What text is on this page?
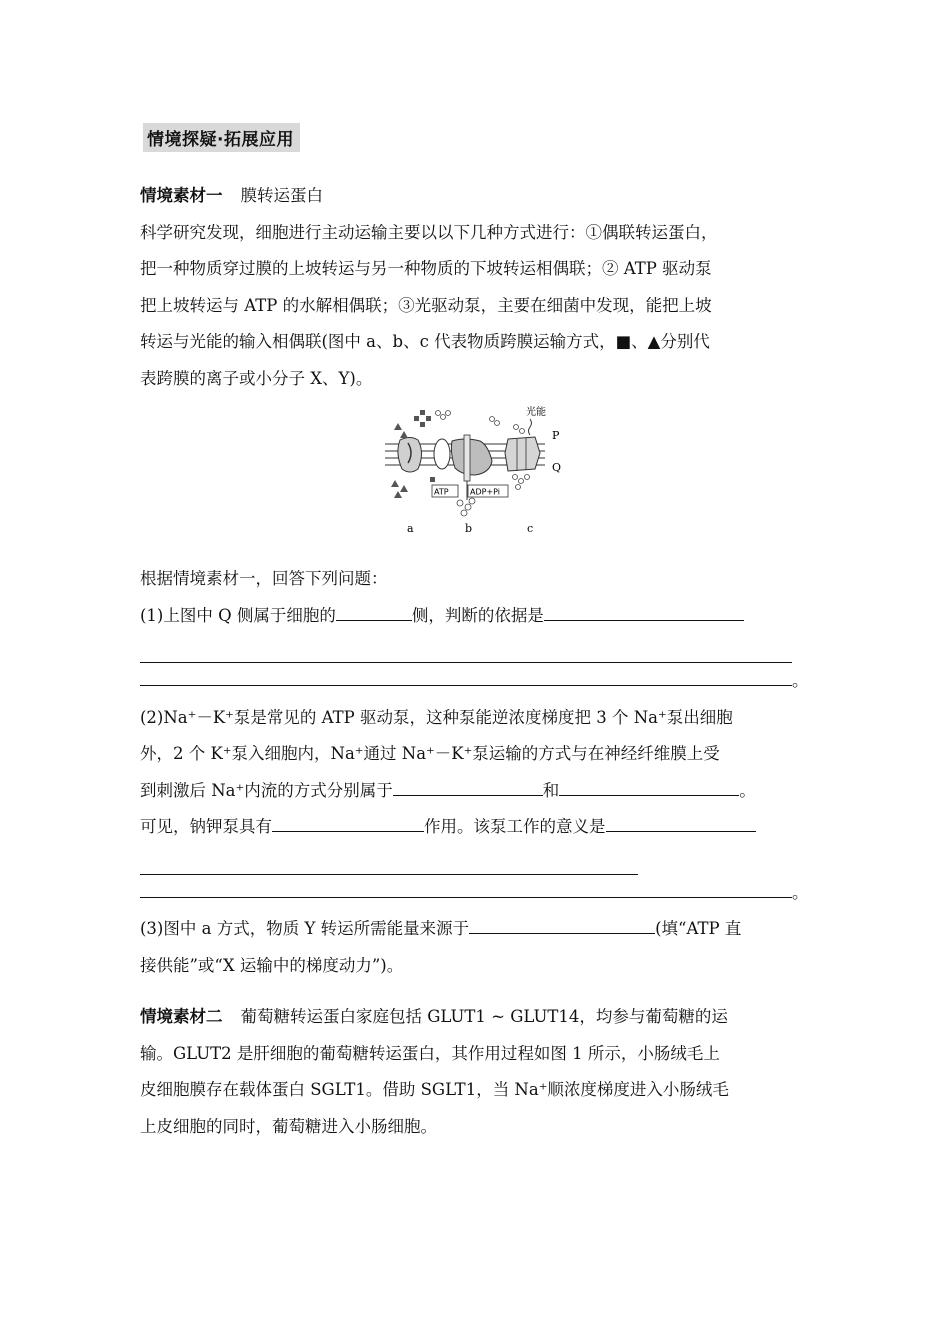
情境探疑·拓展应用
情境素材一 膜转运蛋白
科学研究发现，细胞进行主动运输主要以以下几种方式进行：①偶联转运蛋白，
把一种物质穿过膜的上坡转运与另一种物质的下坡转运相偶联；② ATP 驱动泵
把上坡转运与 ATP 的水解相偶联；③光驱动泵，主要在细菌中发现，能把上坡
转运与光能的输入相偶联(图中 a、b、c 代表物质跨膜运输方式，■、▲分别代
表跨膜的离子或小分子 X、Y)。
光能
P
Q
ATP	ADP+Pi
a	b	c
根据情境素材一，回答下列问题：
(1)上图中 Q 侧属于细胞的	侧，判断的依据是
。
(2)Na⁺－K⁺泵是常见的 ATP 驱动泵，这种泵能逆浓度梯度把 3 个 Na⁺泵出细胞
外，2 个 K⁺泵入细胞内，Na⁺通过 Na⁺－K⁺泵运输的方式与在神经纤维膜上受
到刺激后 Na⁺内流的方式分别属于	和	。
可见，钠钾泵具有	作用。该泵工作的意义是
。
(3)图中 a 方式，物质 Y 转运所需能量来源于	(填“ATP 直
接供能”或“X 运输中的梯度动力”)。
情境素材二 葡萄糖转运蛋白家庭包括 GLUT1 ~ GLUT14，均参与葡萄糖的运
输。GLUT2 是肝细胞的葡萄糖转运蛋白，其作用过程如图 1 所示，小肠绒毛上
皮细胞膜存在载体蛋白 SGLT1。借助 SGLT1，当 Na⁺顺浓度梯度进入小肠绒毛
上皮细胞的同时，葡萄糖进入小肠细胞。
